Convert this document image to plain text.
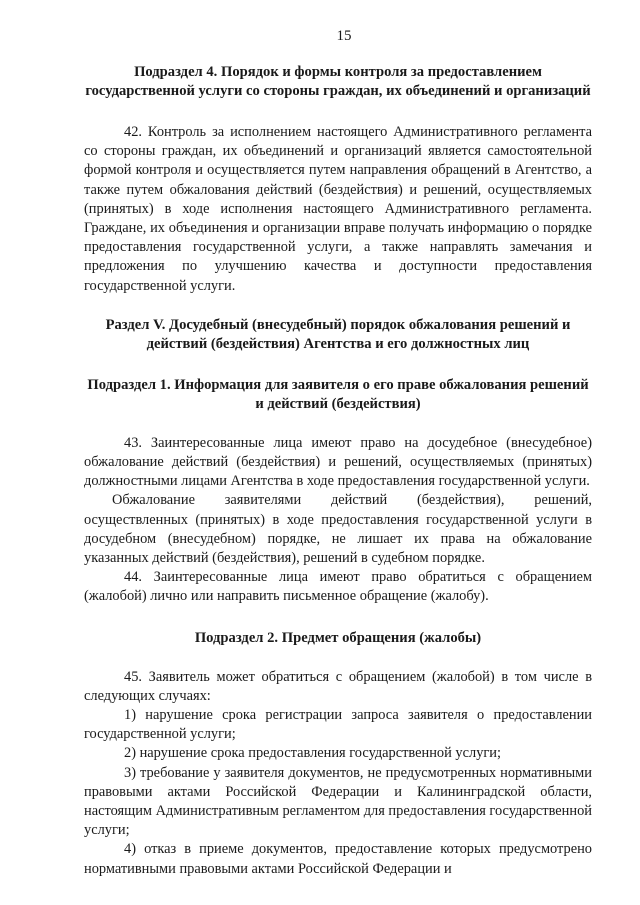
15
Подраздел 4. Порядок и формы контроля за предоставлением государственной услуги со стороны граждан, их объединений и организаций

42. Контроль за исполнением настоящего Административного регламента со стороны граждан, их объединений и организаций является самостоятельной формой контроля и осуществляется путем направления обращений в Агентство, а также путем обжалования действий (бездействия) и решений, осуществляемых (принятых) в ходе исполнения настоящего Административного регламента. Граждане, их объединения и организации вправе получать информацию о порядке предоставления государственной услуги, а также направлять замечания и предложения по улучшению качества и доступности предоставления государственной услуги.

Раздел V. Досудебный (внесудебный) порядок обжалования решений и действий (бездействия) Агентства и его должностных лиц
Подраздел 1. Информация для заявителя о его праве обжалования решений и действий (бездействия)

43. Заинтересованные лица имеют право на досудебное (внесудебное) обжалование действий (бездействия) и решений, осуществляемых (принятых) должностными лицами Агентства в ходе предоставления государственной услуги.

Обжалование заявителями действий (бездействия), решений, осуществленных (принятых) в ходе предоставления государственной услуги в досудебном (внесудебном) порядке, не лишает их права на обжалование указанных действий (бездействия), решений в судебном порядке.

44. Заинтересованные лица имеют право обратиться с обращением (жалобой) лично или направить письменное обращение (жалобу).

Подраздел 2. Предмет обращения (жалобы)

45. Заявитель может обратиться с обращением (жалобой) в том числе в следующих случаях:

1) нарушение срока регистрации запроса заявителя о предоставлении государственной услуги;

2) нарушение срока предоставления государственной услуги;

3) требование у заявителя документов, не предусмотренных нормативными правовыми актами Российской Федерации и Калининградской области, настоящим Административным регламентом для предоставления государственной услуги;

4) отказ в приеме документов, предоставление которых предусмотрено нормативными правовыми актами Российской Федерации и
